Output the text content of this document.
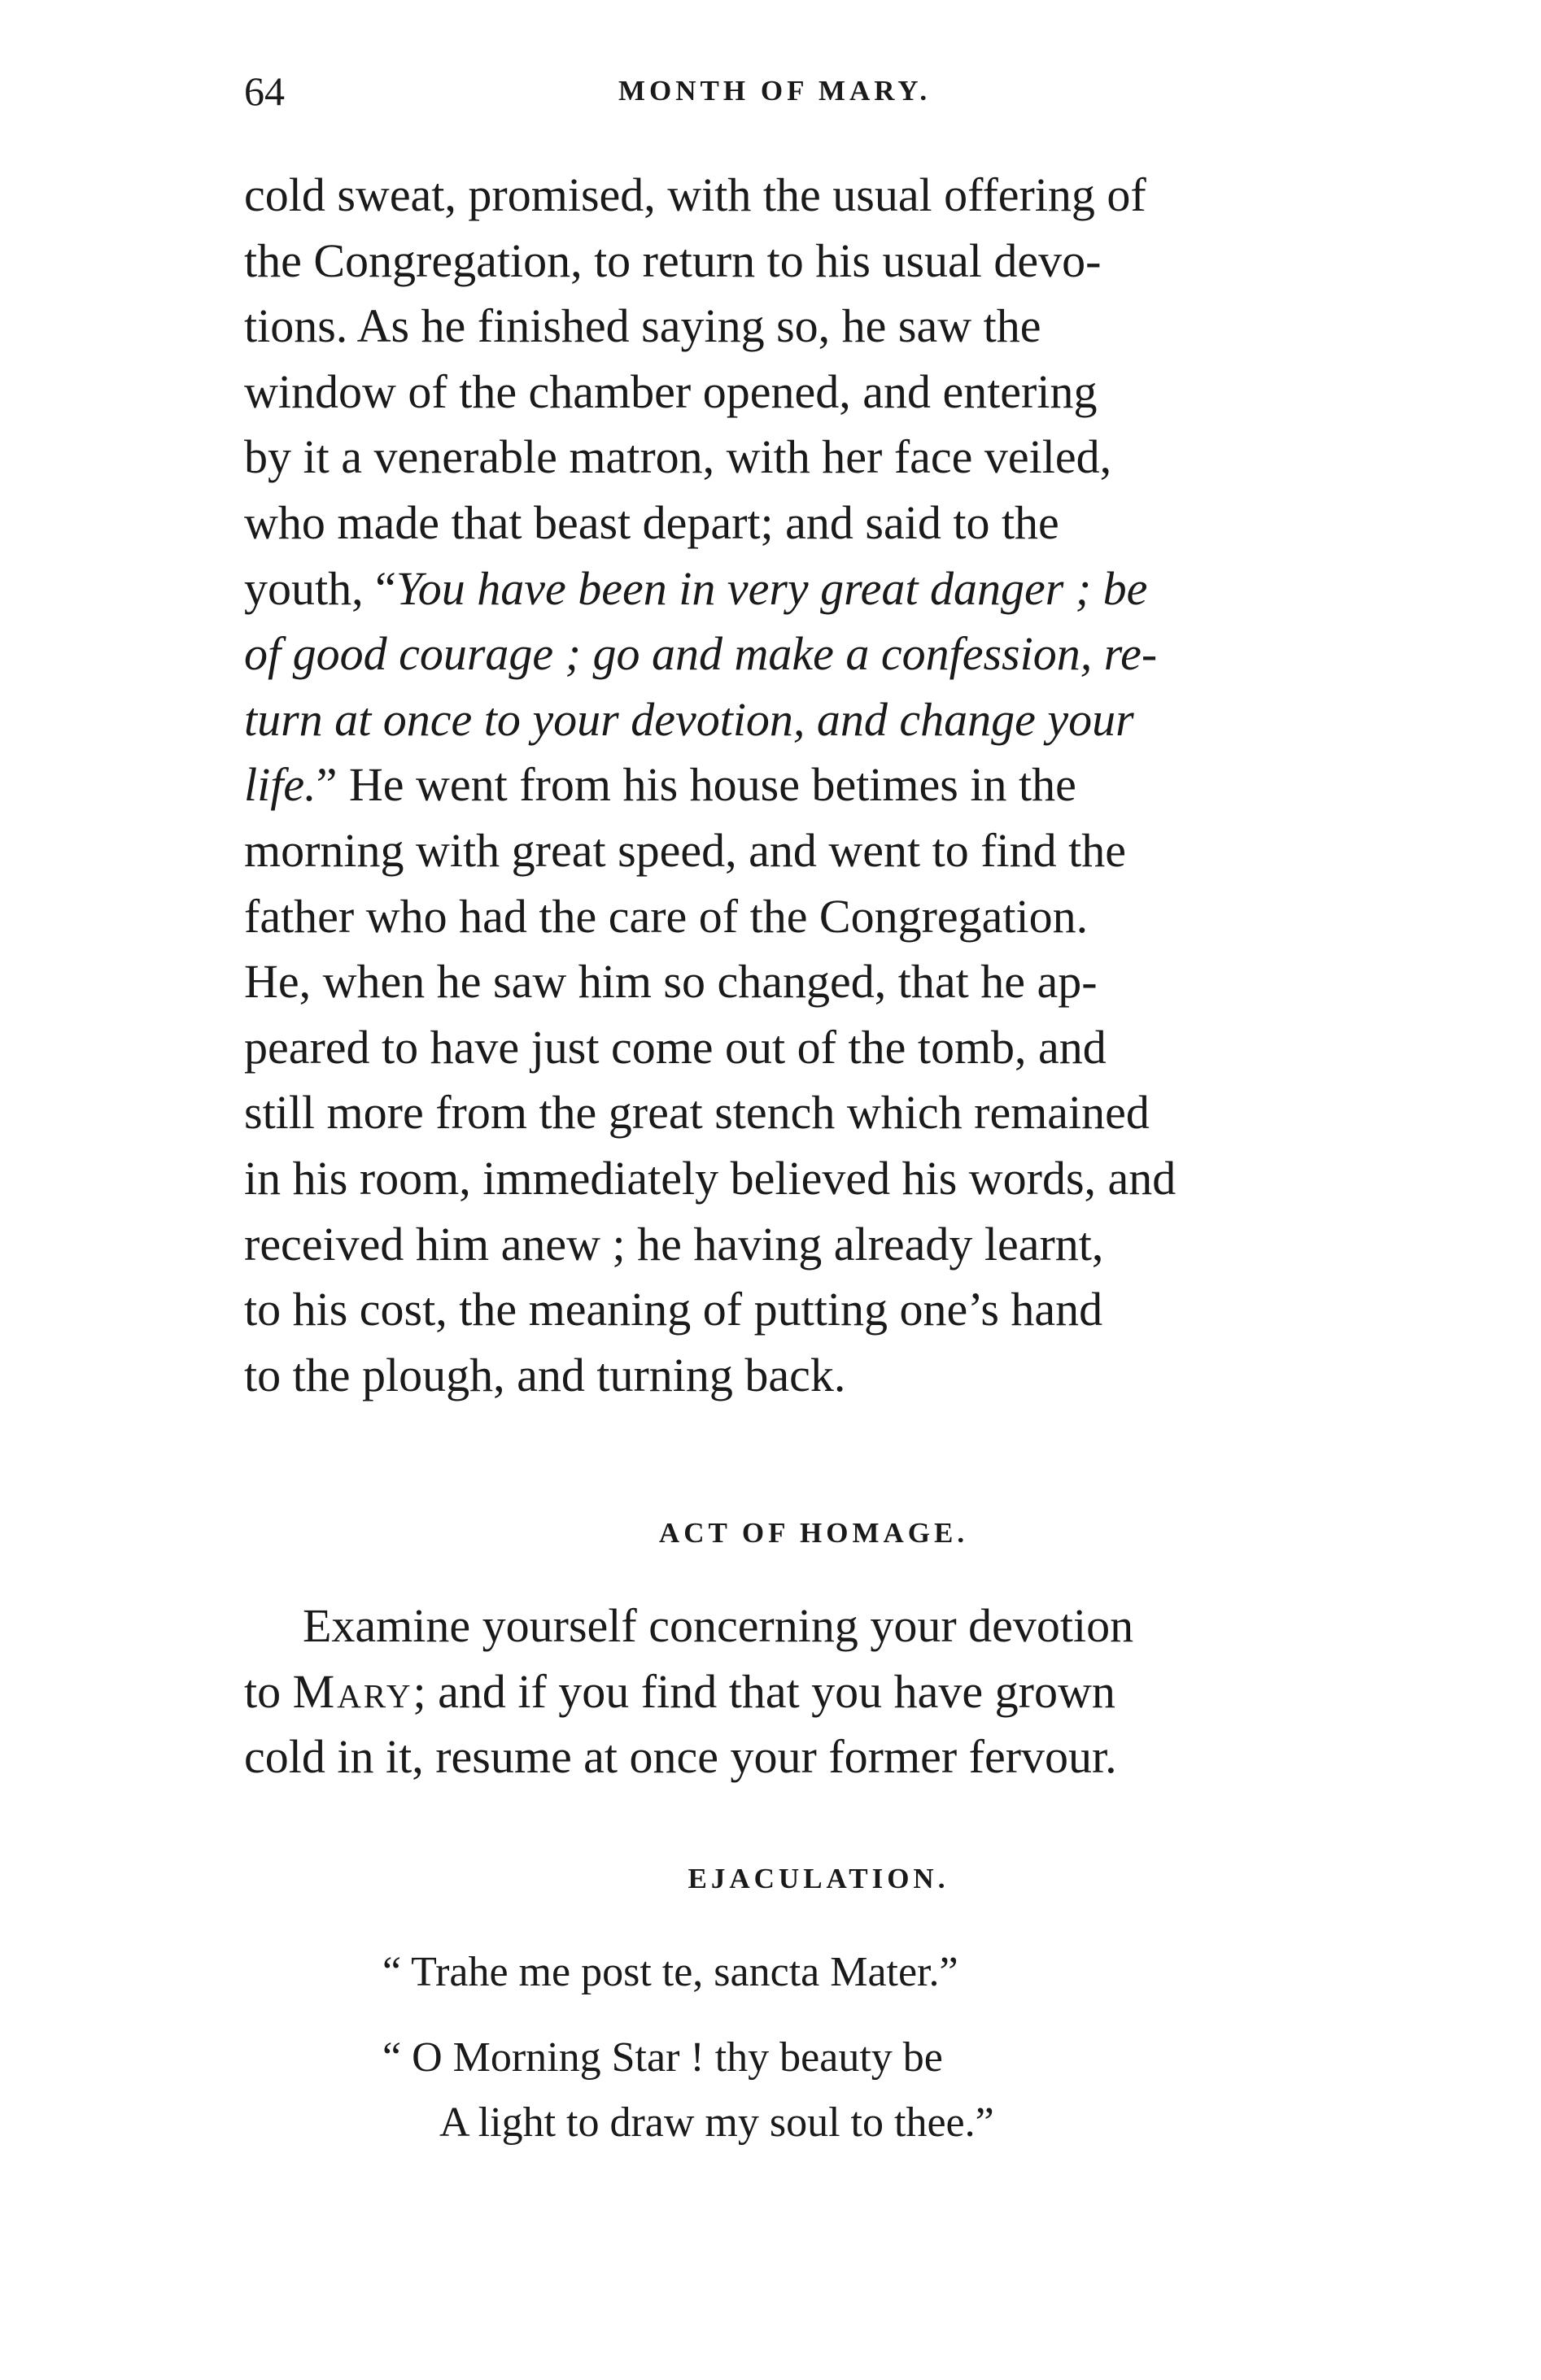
64	MONTH OF MARY.
cold sweat, promised, with the usual offering of
the Congregation, to return to his usual devo-
tions. As he finished saying so, he saw the
window of the chamber opened, and entering
by it a venerable matron, with her face veiled,
who made that beast depart; and said to the
youth, “You have been in very great danger ; be
of good courage ; go and make a confession, re-
turn at once to your devotion, and change your
life.” He went from his house betimes in the
morning with great speed, and went to find the
father who had the care of the Congregation.
He, when he saw him so changed, that he ap-
peared to have just come out of the tomb, and
still more from the great stench which remained
in his room, immediately believed his words, and
received him anew ; he having already learnt,
to his cost, the meaning of putting one’s hand
to the plough, and turning back.
ACT OF HOMAGE.
Examine yourself concerning your devotion
to Mary; and if you find that you have grown
cold in it, resume at once your former fervour.
EJACULATION.
“ Trahe me post te, sancta Mater.”
“ O Morning Star ! thy beauty be
A light to draw my soul to thee.”
